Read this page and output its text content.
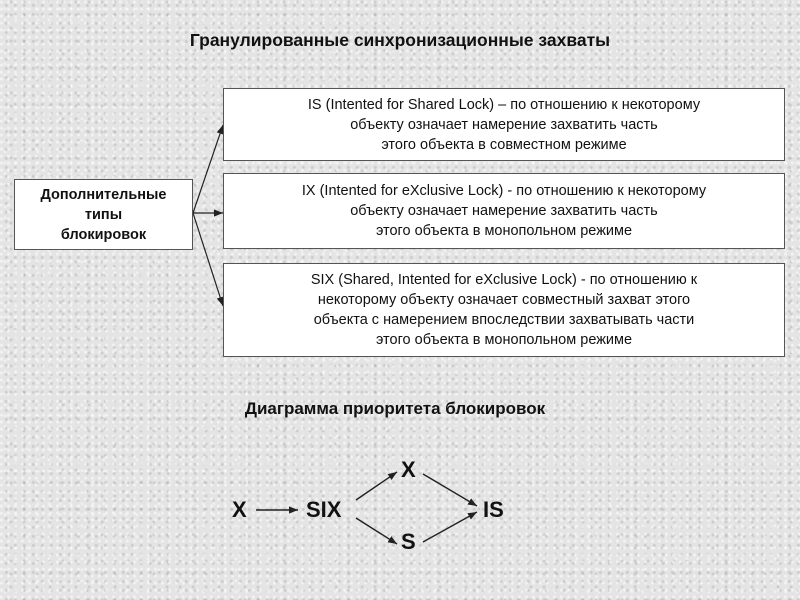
Гранулированные синхронизационные захваты
Дополнительные
типы
блокировок
IS (Intented for Shared Lock) – по отношению к некоторому
объекту означает намерение захватить часть
этого объекта в совместном режиме
IX (Intented for eXclusive Lock) - по отношению к некоторому
объекту означает намерение захватить часть
этого объекта в монопольном режиме
SIX (Shared, Intented for eXclusive Lock) - по отношению к
некоторому объекту означает совместный захват этого
объекта с намерением впоследствии захватывать части
этого объекта в монопольном режиме
Диаграмма приоритета блокировок
X	SIX
X
S
IS
